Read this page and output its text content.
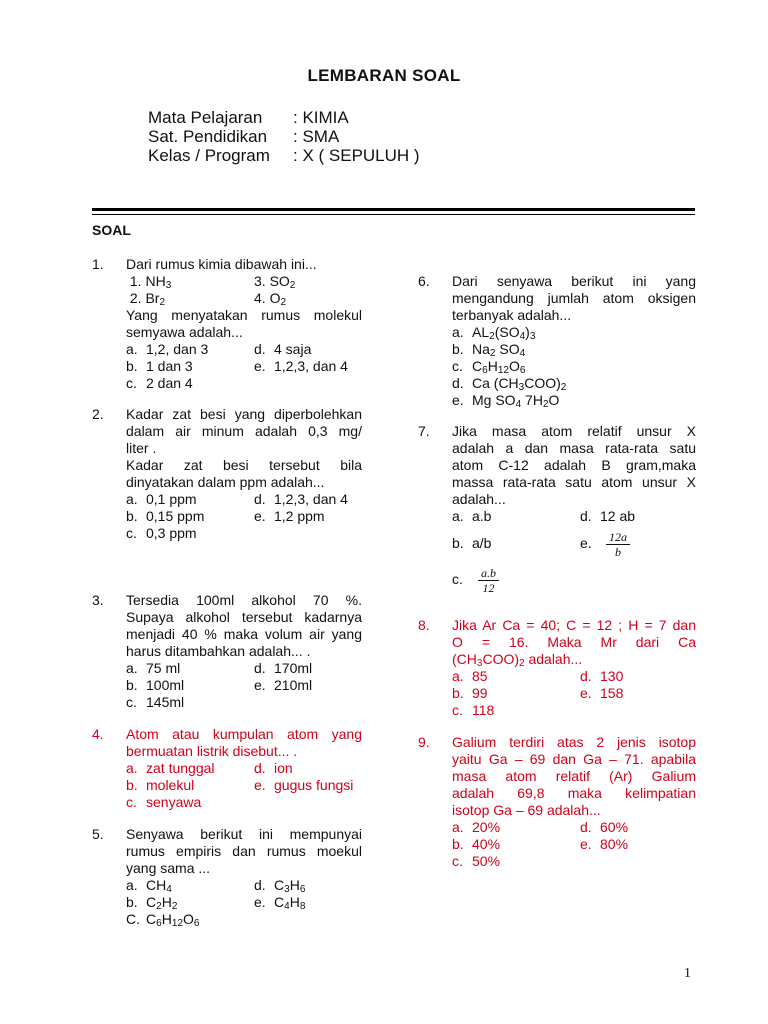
LEMBARAN SOAL
Mata Pelajaran	: KIMIA
Sat. Pendidikan	: SMA
Kelas / Program	: X ( SEPULUH )
SOAL
1. Dari rumus kimia dibawah ini...
1. NH3	3. SO2
2. Br2	4. O2
Yang menyatakan rumus molekul
semyawa adalah...
a. 1,2, dan 3	d. 4 saja
b. 1 dan 3	e. 1,2,3, dan 4
c. 2 dan 4
2. Kadar zat besi yang diperbolehkan
dalam air minum adalah 0,3 mg/
liter .
Kadar zat besi tersebut bila
dinyatakan dalam ppm adalah...
a. 0,1 ppm	d. 1,2,3, dan 4
b. 0,15 ppm	e. 1,2 ppm
c. 0,3 ppm
3. Tersedia 100ml alkohol 70 %.
Supaya alkohol tersebut kadarnya
menjadi 40 % maka volum air yang
harus ditambahkan adalah... .
a. 75 ml	d. 170ml
b. 100ml	e. 210ml
c. 145ml
4. Atom atau kumpulan atom yang
bermuatan listrik disebut... .
a. zat tunggal	d. ion
b. molekul	e. gugus fungsi
c. senyawa
5. Senyawa berikut ini mempunyai
rumus empiris dan rumus moekul
yang sama ...
a. CH4	d. C3H6
b. C2H2	e. C4H8
C. C6H12O6
6. Dari senyawa berikut ini yang
mengandung jumlah atom oksigen
terbanyak adalah...
a. AL2(SO4)3
b. Na2 SO4
c. C6H12O6
d. Ca (CH3COO)2
e. Mg SO4 7H2O
7. Jika masa atom relatif unsur X
adalah a dan masa rata-rata satu
atom C-12 adalah B gram,maka
massa rata-rata satu atom unsur X
adalah...
a. a.b	d. 12 ab
b. a/b	e. $\frac{12a}{b}$
c. $\frac{a.b}{12}$
8. Jika Ar Ca = 40; C = 12 ; H = 7 dan
O = 16. Maka Mr dari Ca
(CH3COO)2 adalah...
a. 85	d. 130
b. 99	e. 158
c. 118
9. Galium terdiri atas 2 jenis isotop
yaitu Ga – 69 dan Ga – 71. apabila
masa atom relatif (Ar) Galium
adalah 69,8 maka kelimpatian
isotop Ga – 69 adalah...
a. 20%	d. 60%
b. 40%	e. 80%
c. 50%
1
